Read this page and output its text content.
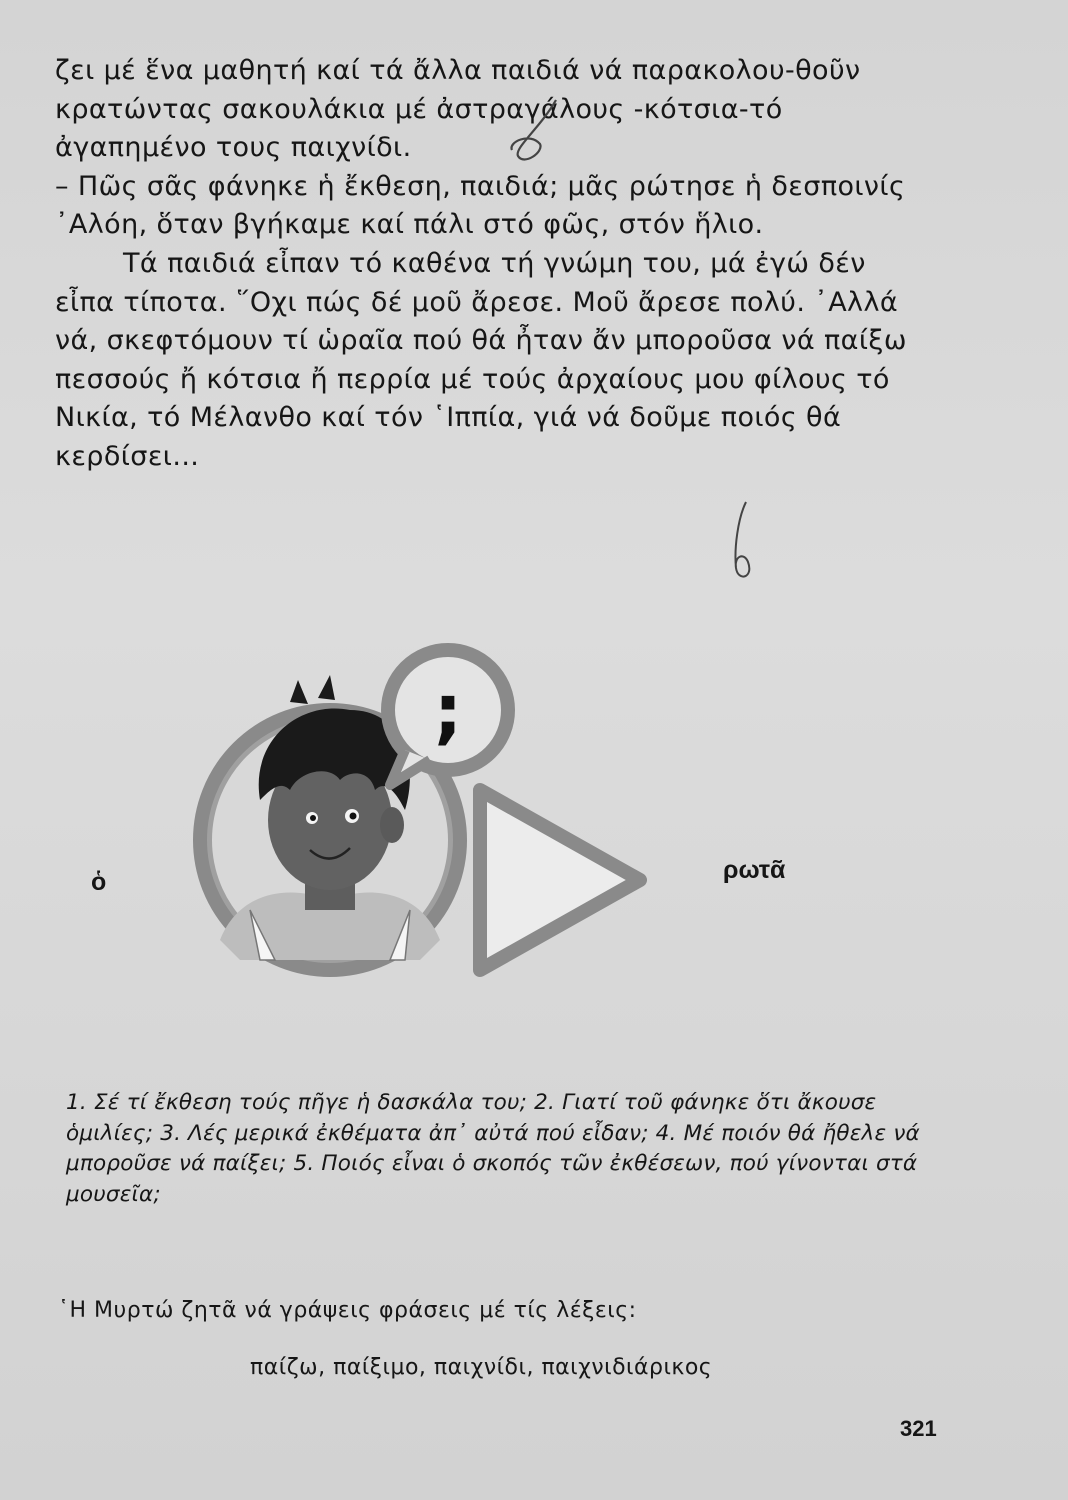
ζει μέ ἕνα μαθητή καί τά ἄλλα παιδιά νά παρακολου-θοῦν κρατώντας σακουλάκια μέ ἀστραγάλους -κότσια-τό ἀγαπημένο τους παιχνίδι.

– Πῶς σᾶς φάνηκε ἡ ἔκθεση, παιδιά; μᾶς ρώτησε ἡ δεσποινίς ᾿Αλόη, ὅταν βγήκαμε καί πάλι στό φῶς, στόν ἥλιο.

Τά παιδιά εἶπαν τό καθένα τή γνώμη του, μά ἐγώ δέν εἶπα τίποτα. ῞Οχι πώς δέ μοῦ ἄρεσε. Μοῦ ἄρεσε πολύ. ᾿Αλλά νά, σκεφτόμουν τί ὡραῖα πού θά ἦταν ἄν μποροῦσα νά παίξω πεσσούς ἤ κότσια ἤ περρία μέ τούς ἀρχαίους μου φίλους τό Νικία, τό Μέλανθο καί τόν ῾Ιππία, γιά νά δοῦμε ποιός θά κερδίσει...

;
ὁ	ρωτᾶ
1. Σέ τί ἔκθεση τούς πῆγε ἡ δασκάλα του; 2. Γιατί τοῦ φάνηκε ὅτι ἄκουσε ὁμιλίες; 3. Λές μερικά ἐκθέματα ἀπ᾿ αὐτά πού εἶδαν; 4. Μέ ποιόν θά ἤθελε νά μποροῦσε νά παίξει; 5. Ποιός εἶναι ὁ σκοπός τῶν ἐκθέσεων, πού γίνονται στά μουσεῖα;
῾Η Μυρτώ ζητᾶ νά γράψεις φράσεις μέ τίς λέξεις:
παίζω, παίξιμο, παιχνίδι, παιχνιδιάρικος
321
